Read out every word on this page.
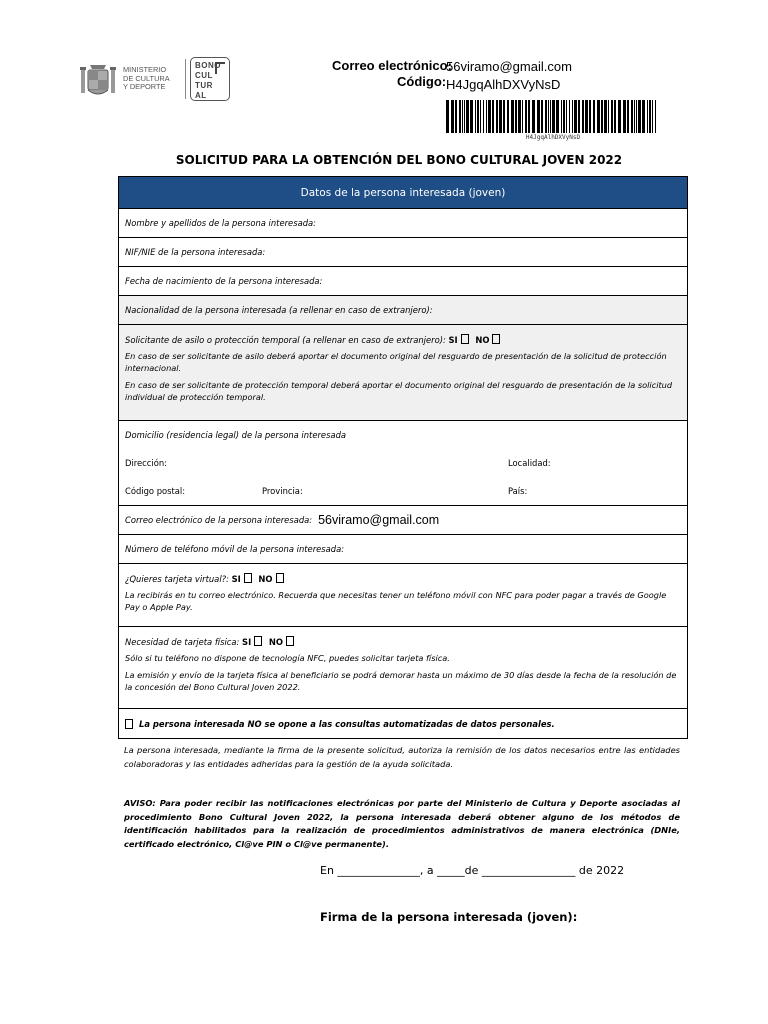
MINISTERIO
DE CULTURA
Y DEPORTE
BONO
CUL
TUR
AL
Correo electrónico:
56viramo@gmail.com
Código: H4JgqAlhDXVyNsD
H4JgqAlhDXVyNsD
SOLICITUD PARA LA OBTENCIÓN DEL BONO CULTURAL JOVEN 2022
Datos de la persona interesada (joven)
Nombre y apellidos de la persona interesada:
NIF/NIE de la persona interesada:
Fecha de nacimiento de la persona interesada:
Nacionalidad de la persona interesada (a rellenar en caso de extranjero):
Solicitante de asilo o protección temporal (a rellenar en caso de extranjero): SI NO
En caso de ser solicitante de asilo deberá aportar el documento original del resguardo de presentación de la solicitud de protección internacional.
En caso de ser solicitante de protección temporal deberá aportar el documento original del resguardo de presentación de la solicitud individual de protección temporal.
Domicilio (residencia legal) de la persona interesada
Dirección:	Localidad:
Código postal:	Provincia:	País:
Correo electrónico de la persona interesada: 56viramo@gmail.com
Número de teléfono móvil de la persona interesada:
¿Quieres tarjeta virtual?: SI NO
La recibirás en tu correo electrónico. Recuerda que necesitas tener un teléfono móvil con NFC para poder pagar a través de Google Pay o Apple Pay.
Necesidad de tarjeta física: SI NO
Sólo si tu teléfono no dispone de tecnología NFC, puedes solicitar tarjeta física.
La emisión y envío de la tarjeta física al beneficiario se podrá demorar hasta un máximo de 30 días desde la fecha de la resolución de la concesión del Bono Cultural Joven 2022.
La persona interesada NO se opone a las consultas automatizadas de datos personales.
La persona interesada, mediante la firma de la presente solicitud, autoriza la remisión de los datos necesarios entre las entidades colaboradoras y las entidades adheridas para la gestión de la ayuda solicitada.
AVISO: Para poder recibir las notificaciones electrónicas por parte del Ministerio de Cultura y Deporte asociadas al procedimiento Bono Cultural Joven 2022, la persona interesada deberá obtener alguno de los métodos de identificación habilitados para la realización de procedimientos administrativos de manera electrónica (DNIe, certificado electrónico, Cl@ve PIN o Cl@ve permanente).
En _______________, a _____de _________________ de 2022
Firma de la persona interesada (joven):
